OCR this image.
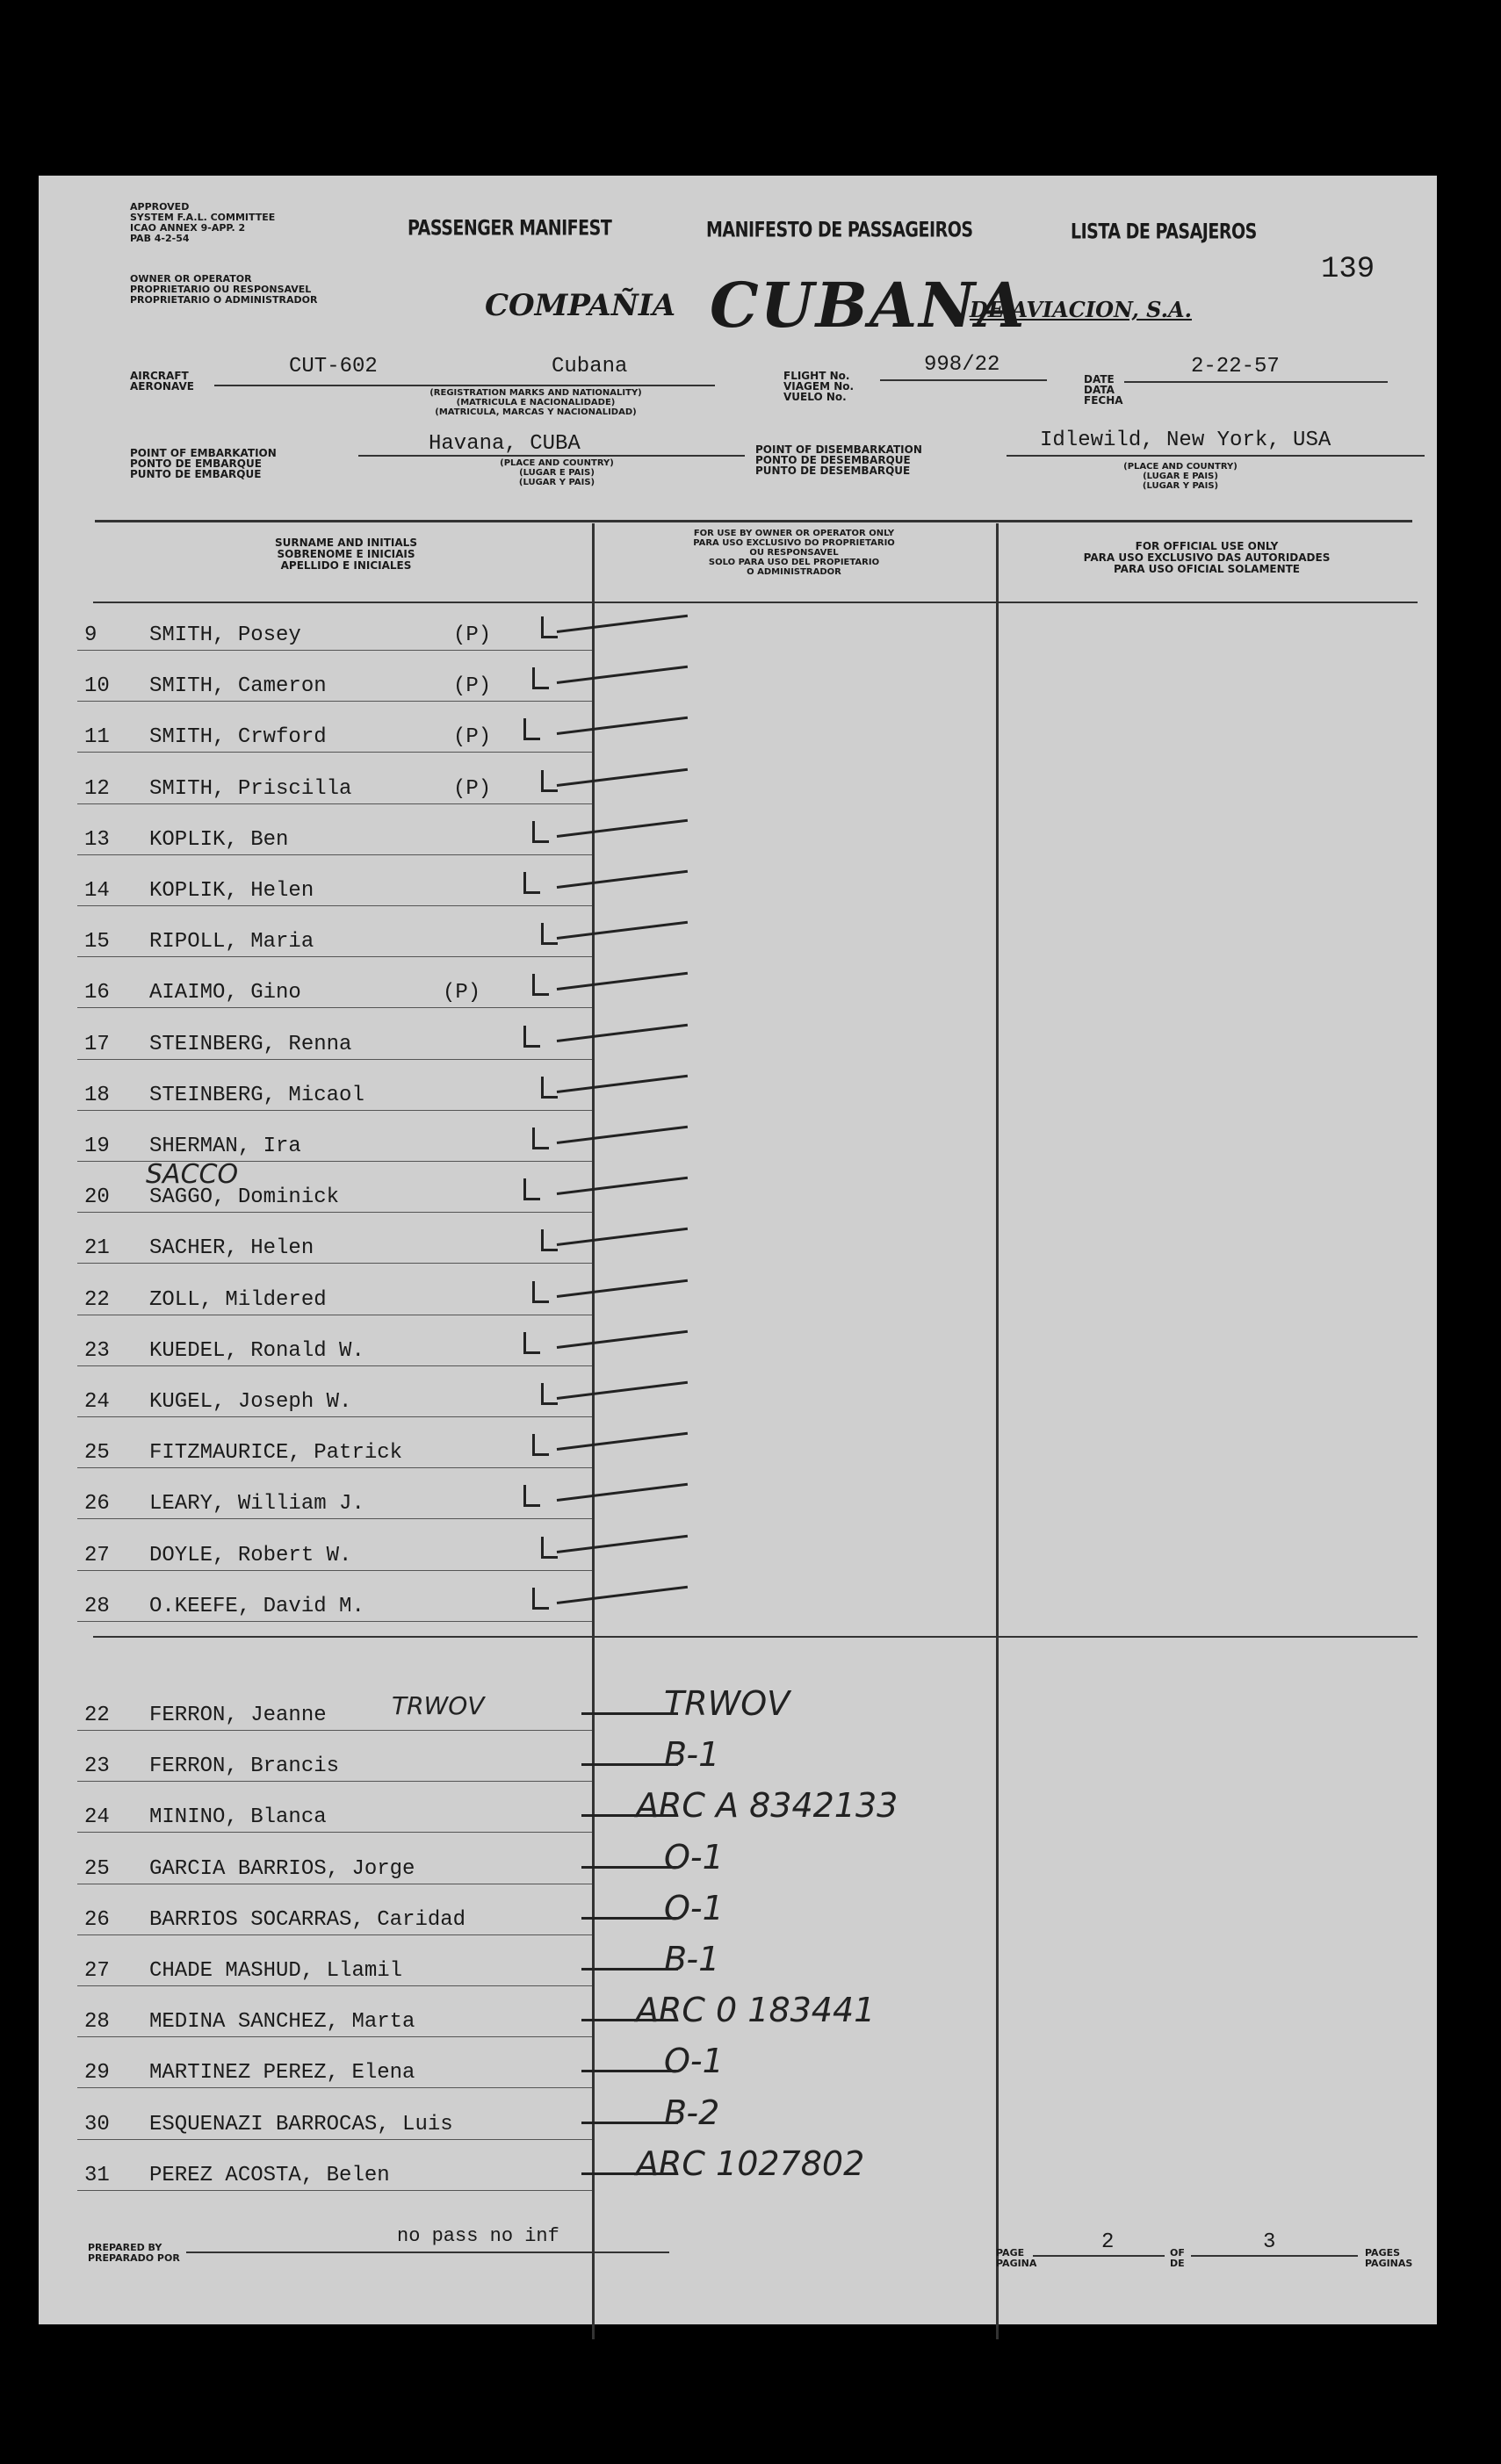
APPROVED
SYSTEM F.A.L. COMMITTEE
ICAO ANNEX 9-APP. 2
PAB 4-2-54
OWNER OR OPERATOR
PROPRIETARIO OU RESPONSAVEL
PROPRIETARIO O ADMINISTRADOR
PASSENGER MANIFEST	MANIFESTO DE PASSAGEIROS	LISTA DE PASAJEROS
139
COMPAÑIA CUBANA
DE AVIACION, S.A.
AIRCRAFT
AERONAVE
CUT-602	Cubana
(REGISTRATION MARKS AND NATIONALITY)
(MATRICULA E NACIONALIDADE)
(MATRICULA, MARCAS Y NACIONALIDAD)
FLIGHT No.
VIAGEM No.
VUELO No.
998/22
DATE
DATA
FECHA
2-22-57
POINT OF EMBARKATION
PONTO DE EMBARQUE
PUNTO DE EMBARQUE
Havana, CUBA
(PLACE AND COUNTRY)
(LUGAR E PAIS)
(LUGAR Y PAIS)
POINT OF DISEMBARKATION
PONTO DE DESEMBARQUE
PUNTO DE DESEMBARQUE
Idlewild, New York, USA
(PLACE AND COUNTRY)
(LUGAR E PAIS)
(LUGAR Y PAIS)
SURNAME AND INITIALS
SOBRENOME E INICIAIS
APELLIDO E INICIALES
FOR USE BY OWNER OR OPERATOR ONLY
PARA USO EXCLUSIVO DO PROPRIETARIO
OU RESPONSAVEL
SOLO PARA USO DEL PROPIETARIO
O ADMINISTRADOR
FOR OFFICIAL USE ONLY
PARA USO EXCLUSIVO DAS AUTORIDADES
PARA USO OFICIAL SOLAMENTE
9 SMITH, Posey	(P)
10 SMITH, Cameron	(P)
11 SMITH, Crwford	(P)
12 SMITH, Priscilla	(P)
13 KOPLIK, Ben
14 KOPLIK, Helen
15 RIPOLL, Maria
16 AIAIMO, Gino	(P)
17 STEINBERG, Renna
18 STEINBERG, Micaol
19 SHERMAN, Ira
20 SAGGO, Dominick
21 SACHER, Helen
22 ZOLL, Mildered
23 KUEDEL, Ronald W.
24 KUGEL, Joseph W.
25 FITZMAURICE, Patrick
26 LEARY, William J.
27 DOYLE, Robert W.
28 O.KEEFE, David M.
22 FERRON, Jeanne	TRWOV	TRWOV
23 FERRON, Brancis	B-1
24 MININO, Blanca	ARC A 8342133
25 GARCIA BARRIOS, Jorge	O-1
26 BARRIOS SOCARRAS, Caridad	O-1
27 CHADE MASHUD, Llamil	B-1
28 MEDINA SANCHEZ, Marta	ARC 0 183441
29 MARTINEZ PEREZ, Elena	O-1
30 ESQUENAZI BARROCAS, Luis	B-2
31 PEREZ ACOSTA, Belen	ARC 1027802
SACCO
PREPARED BY
PREPARADO POR
no pass no inf
PAGE
PAGINA
2	OF
DE
3	PAGES
PAGINAS
